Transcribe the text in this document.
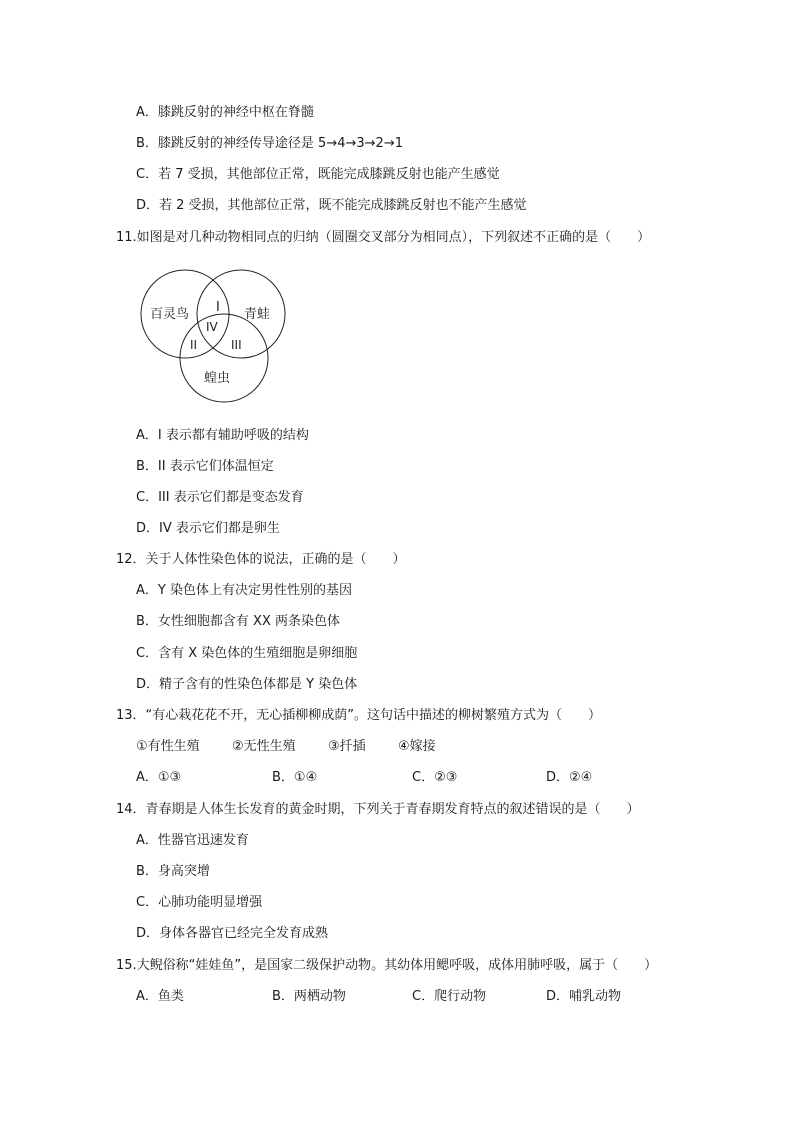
A．膝跳反射的神经中枢在脊髓
B．膝跳反射的神经传导途径是 5→4→3→2→1
C．若 7 受损，其他部位正常，既能完成膝跳反射也能产生感觉
D．若 2 受损，其他部位正常，既不能完成膝跳反射也不能产生感觉
11.如图是对几种动物相同点的归纳（圆圈交叉部分为相同点），下列叙述不正确的是（　　）
百灵鸟	青蛙
蝗虫
I
IV
II	III
A．I 表示都有辅助呼吸的结构
B．II 表示它们体温恒定
C．III 表示它们都是变态发育
D．IV 表示它们都是卵生
12．关于人体性染色体的说法，正确的是（　　）
A．Y 染色体上有决定男性性别的基因
B．女性细胞都含有 XX 两条染色体
C．含有 X 染色体的生殖细胞是卵细胞
D．精子含有的性染色体都是 Y 染色体
13．“有心栽花花不开，无心插柳柳成荫”。这句话中描述的柳树繁殖方式为（　　）
①有性生殖 ②无性生殖 ③扦插 ④嫁接
A．①③	B．①④	C．②③	D．②④
14．青春期是人体生长发育的黄金时期，下列关于青春期发育特点的叙述错误的是（　　）
A．性器官迅速发育
B．身高突增
C．心肺功能明显增强
D．身体各器官已经完全发育成熟
15.大鲵俗称“娃娃鱼”，是国家二级保护动物。其幼体用鳃呼吸，成体用肺呼吸，属于（　　）
A．鱼类	B．两栖动物	C．爬行动物	D．哺乳动物
